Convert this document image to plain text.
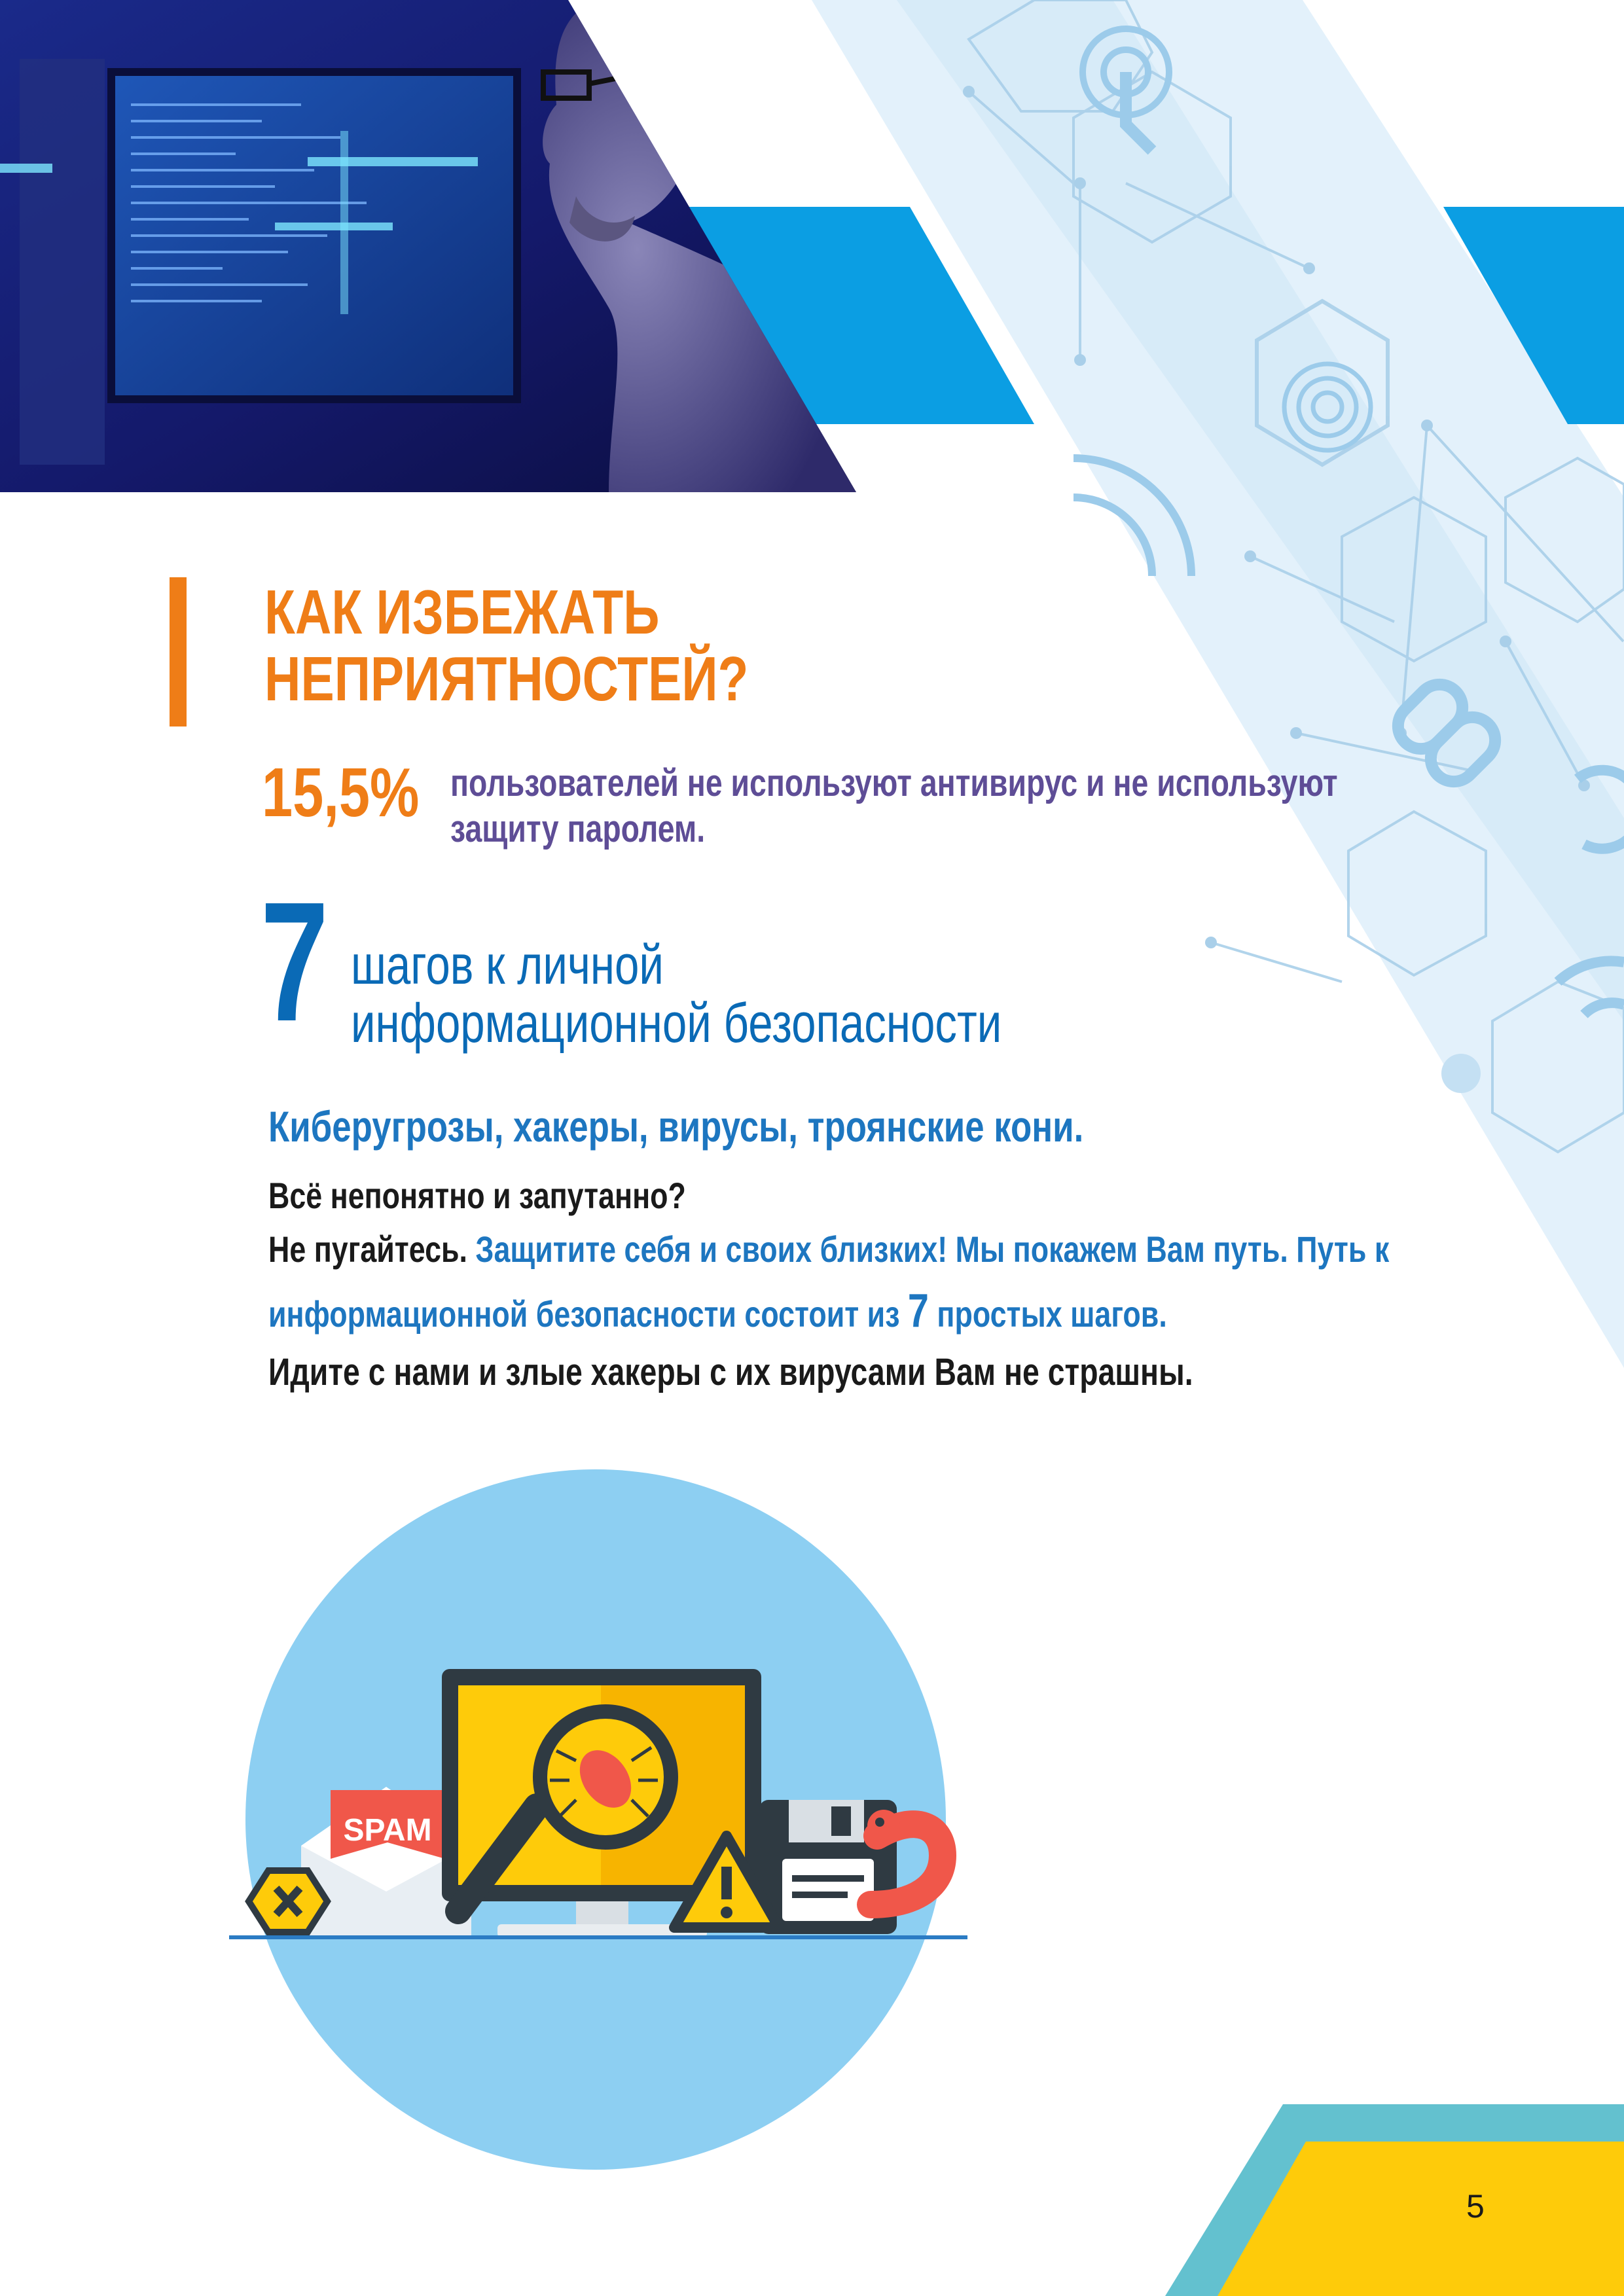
SPAM
КАК ИЗБЕЖАТЬ
НЕПРИЯТНОСТЕЙ?
15,5% пользователей не используют антивирус и не используют
защиту паролем.
7 шагов к личной
информационной безопасности
Киберугрозы, хакеры, вирусы, троянские кони.
Всё непонятно и запутанно?
Не пугайтесь. Защитите себя и своих близких! Мы покажем Вам путь. Путь к
информационной безопасности состоит из 7 простых шагов.
Идите с нами и злые хакеры с их вирусами Вам не страшны.
5
